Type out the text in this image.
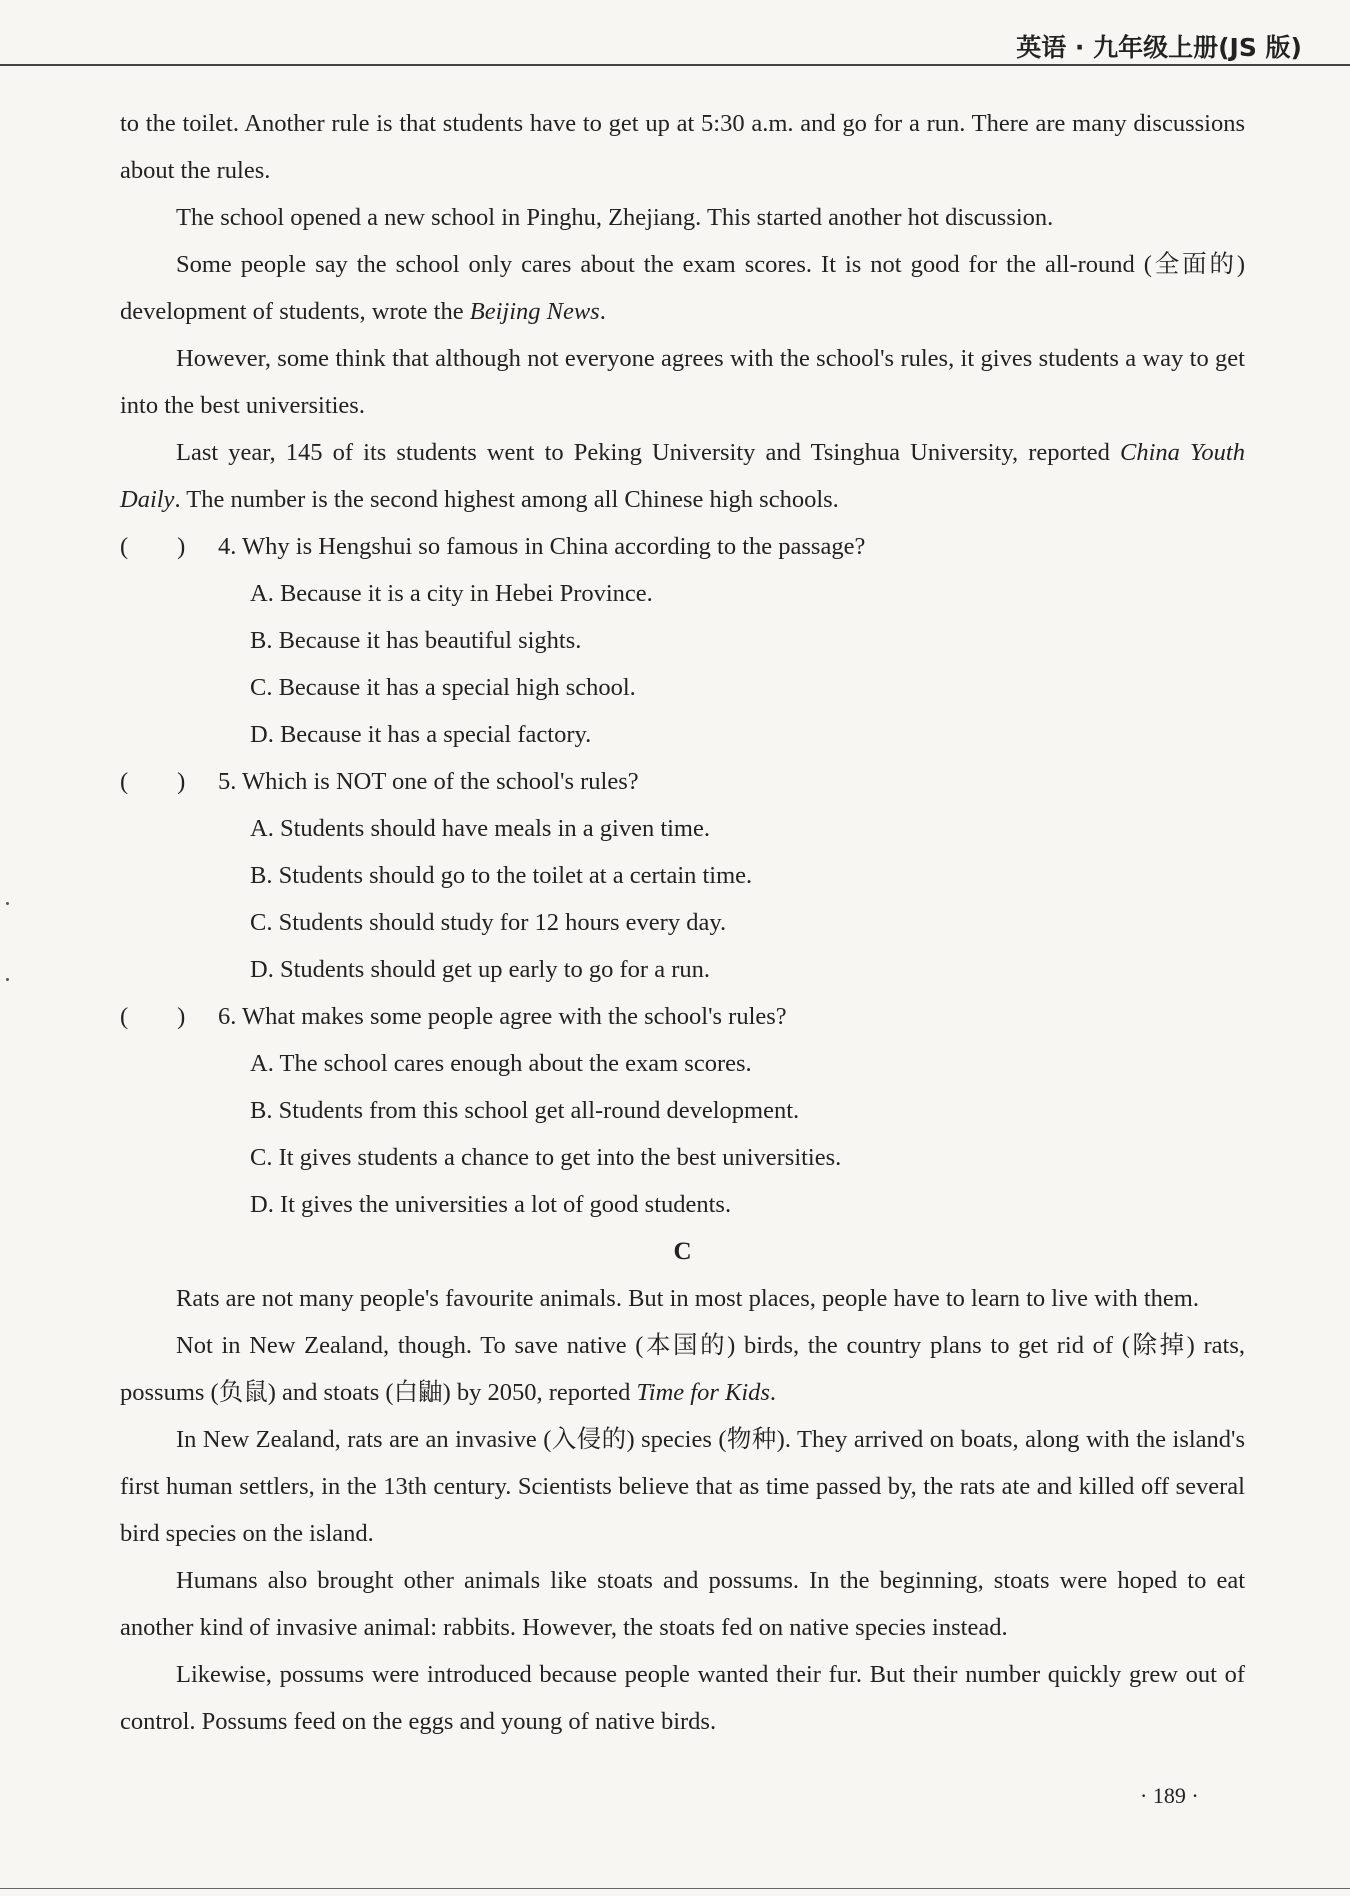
英语 · 九年级上册(JS 版)

to the toilet. Another rule is that students have to get up at 5:30 a.m. and go for a run. There are many discussions about the rules.

The school opened a new school in Pinghu, Zhejiang. This started another hot discussion.

Some people say the school only cares about the exam scores. It is not good for the all-round (全面的) development of students, wrote the Beijing News.

However, some think that although not everyone agrees with the school's rules, it gives students a way to get into the best universities.

Last year, 145 of its students went to Peking University and Tsinghua University, reported China Youth Daily. The number is the second highest among all Chinese high schools.

(　　) 4. Why is Hengshui so famous in China according to the passage?
A. Because it is a city in Hebei Province.
B. Because it has beautiful sights.
C. Because it has a special high school.
D. Because it has a special factory.
(　　) 5. Which is NOT one of the school's rules?
A. Students should have meals in a given time.
B. Students should go to the toilet at a certain time.
C. Students should study for 12 hours every day.
D. Students should get up early to go for a run.
(　　) 6. What makes some people agree with the school's rules?
A. The school cares enough about the exam scores.
B. Students from this school get all-round development.
C. It gives students a chance to get into the best universities.
D. It gives the universities a lot of good students.
C

Rats are not many people's favourite animals. But in most places, people have to learn to live with them.

Not in New Zealand, though. To save native (本国的) birds, the country plans to get rid of (除掉) rats, possums (负鼠) and stoats (白鼬) by 2050, reported Time for Kids.

In New Zealand, rats are an invasive (入侵的) species (物种). They arrived on boats, along with the island's first human settlers, in the 13th century. Scientists believe that as time passed by, the rats ate and killed off several bird species on the island.

Humans also brought other animals like stoats and possums. In the beginning, stoats were hoped to eat another kind of invasive animal: rabbits. However, the stoats fed on native species instead.

Likewise, possums were introduced because people wanted their fur. But their number quickly grew out of control. Possums feed on the eggs and young of native birds.

· 189 ·
